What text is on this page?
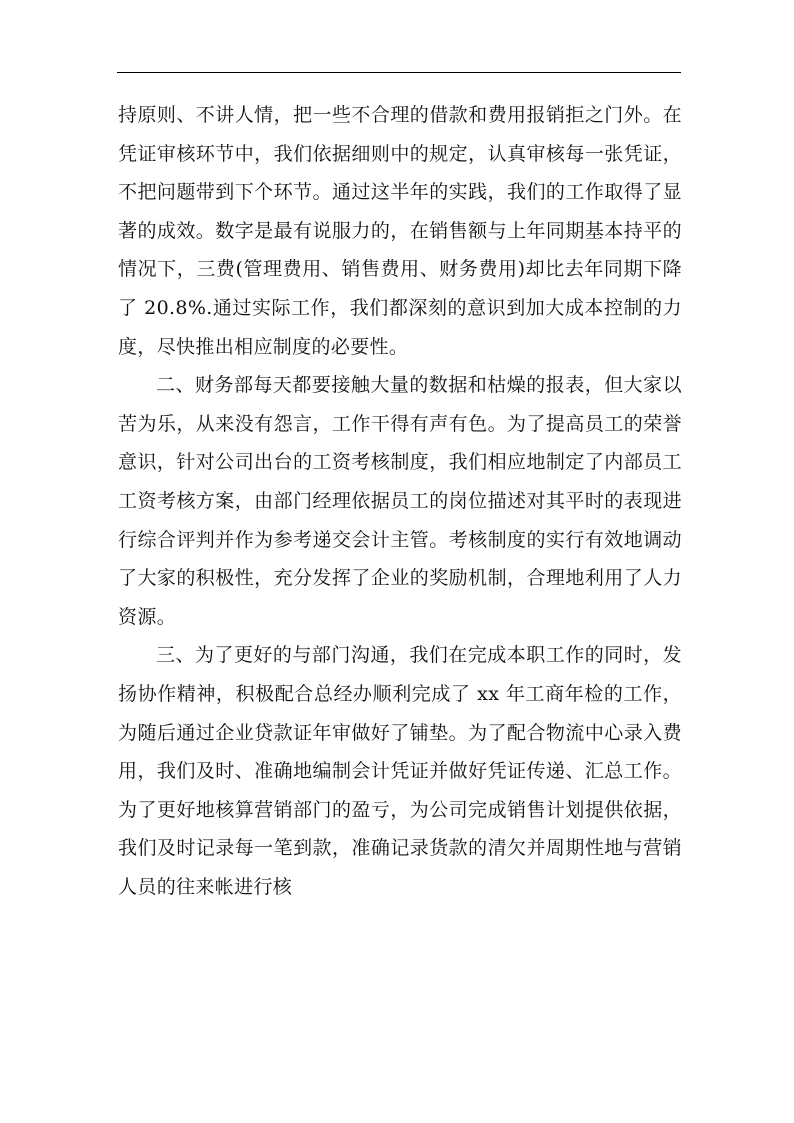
持原则、不讲人情，把一些不合理的借款和费用报销拒之门外。在凭证审核环节中，我们依据细则中的规定，认真审核每一张凭证，不把问题带到下个环节。通过这半年的实践，我们的工作取得了显著的成效。数字是最有说服力的，在销售额与上年同期基本持平的情况下，三费(管理费用、销售费用、财务费用)却比去年同期下降了 20.8%.通过实际工作，我们都深刻的意识到加大成本控制的力度，尽快推出相应制度的必要性。

二、财务部每天都要接触大量的数据和枯燥的报表，但大家以苦为乐，从来没有怨言，工作干得有声有色。为了提高员工的荣誉意识，针对公司出台的工资考核制度，我们相应地制定了内部员工工资考核方案，由部门经理依据员工的岗位描述对其平时的表现进行综合评判并作为参考递交会计主管。考核制度的实行有效地调动了大家的积极性，充分发挥了企业的奖励机制，合理地利用了人力资源。

三、为了更好的与部门沟通，我们在完成本职工作的同时，发扬协作精神，积极配合总经办顺利完成了 xx 年工商年检的工作，为随后通过企业贷款证年审做好了铺垫。为了配合物流中心录入费用，我们及时、准确地编制会计凭证并做好凭证传递、汇总工作。为了更好地核算营销部门的盈亏，为公司完成销售计划提供依据，我们及时记录每一笔到款，准确记录货款的清欠并周期性地与营销人员的往来帐进行核
